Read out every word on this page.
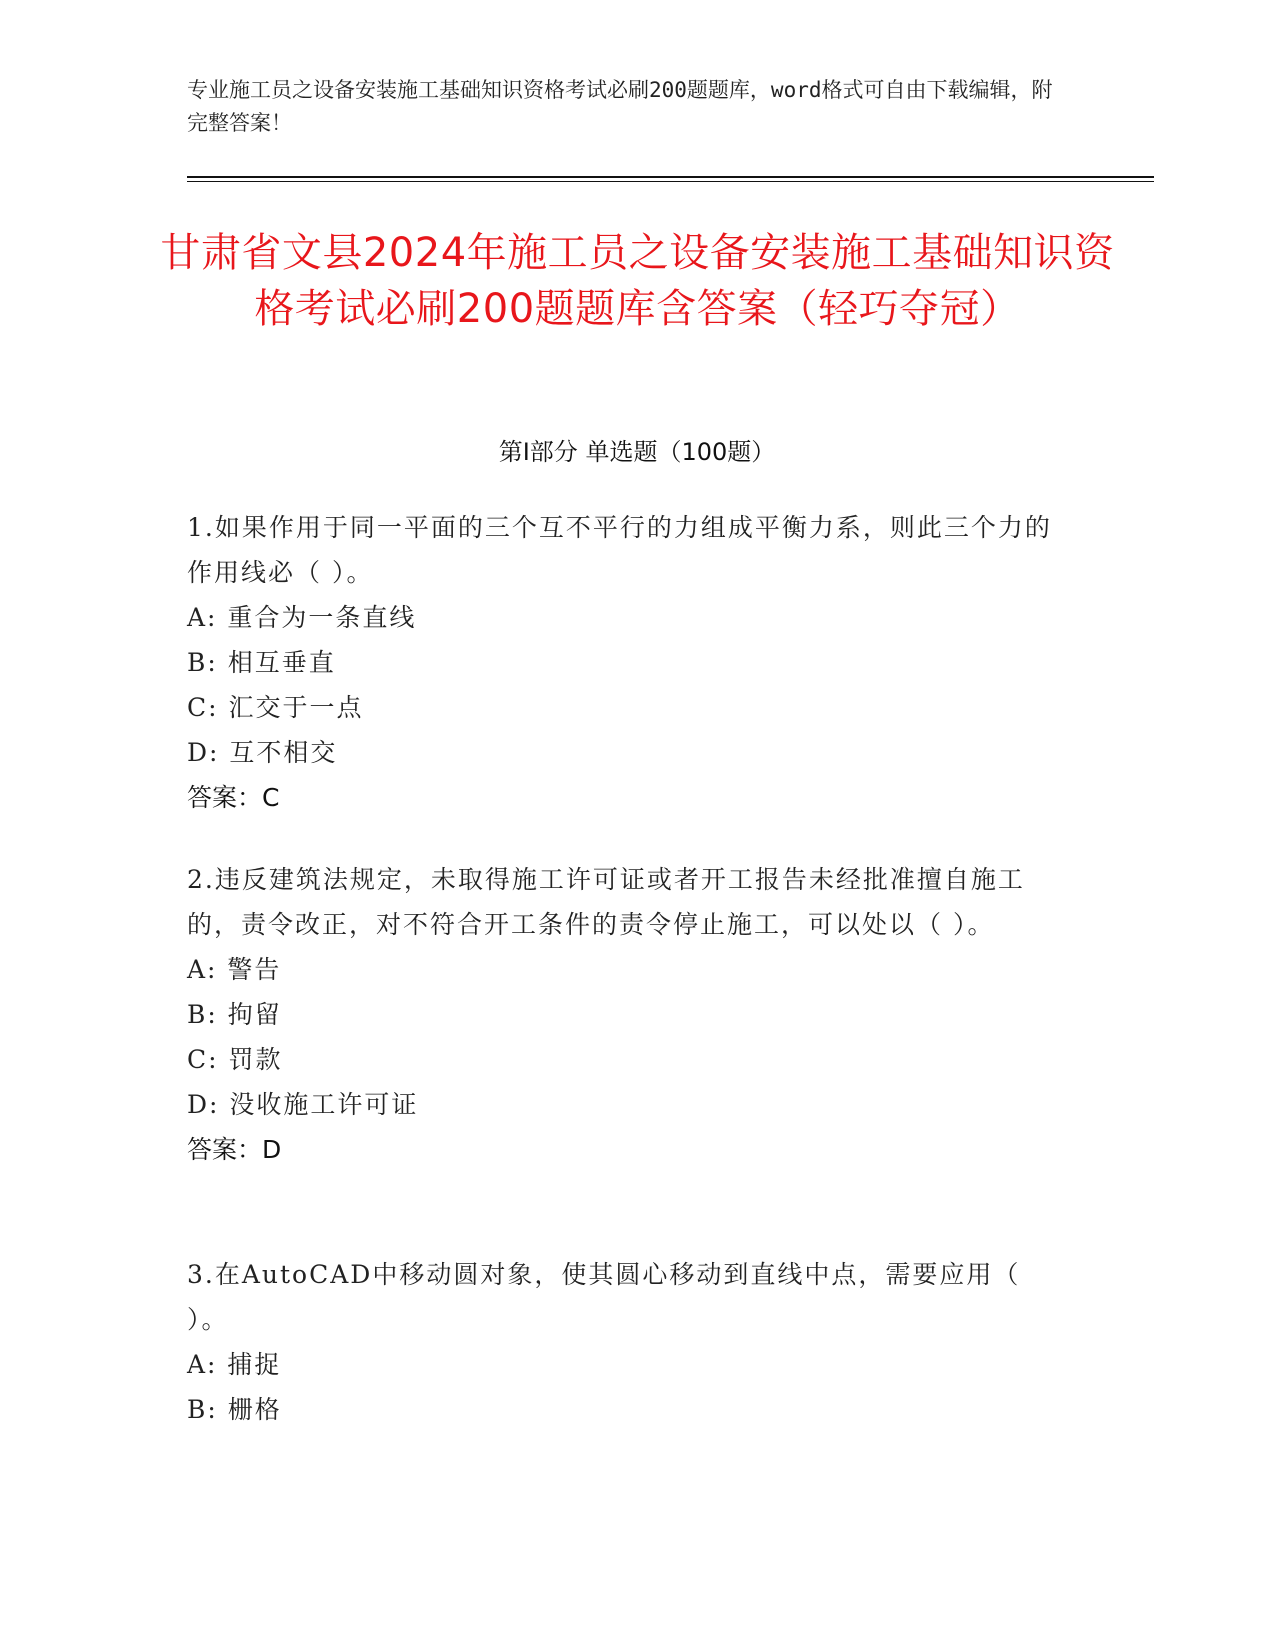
专业施工员之设备安装施工基础知识资格考试必刷200题题库，word格式可自由下载编辑，附完整答案！
甘肃省文县2024年施工员之设备安装施工基础知识资格考试必刷200题题库含答案（轻巧夺冠）
第Ⅰ部分 单选题（100题）

1.如果作用于同一平面的三个互不平行的力组成平衡力系，则此三个力的作用线必（ ）。

A: 重合为一条直线

B: 相互垂直

C: 汇交于一点

D: 互不相交

答案：C

2.违反建筑法规定，未取得施工许可证或者开工报告未经批准擅自施工的，责令改正，对不符合开工条件的责令停止施工，可以处以（ ）。

A: 警告

B: 拘留

C: 罚款

D: 没收施工许可证

答案：D

3.在AutoCAD中移动圆对象，使其圆心移动到直线中点，需要应用（ ）。

A: 捕捉

B: 栅格
